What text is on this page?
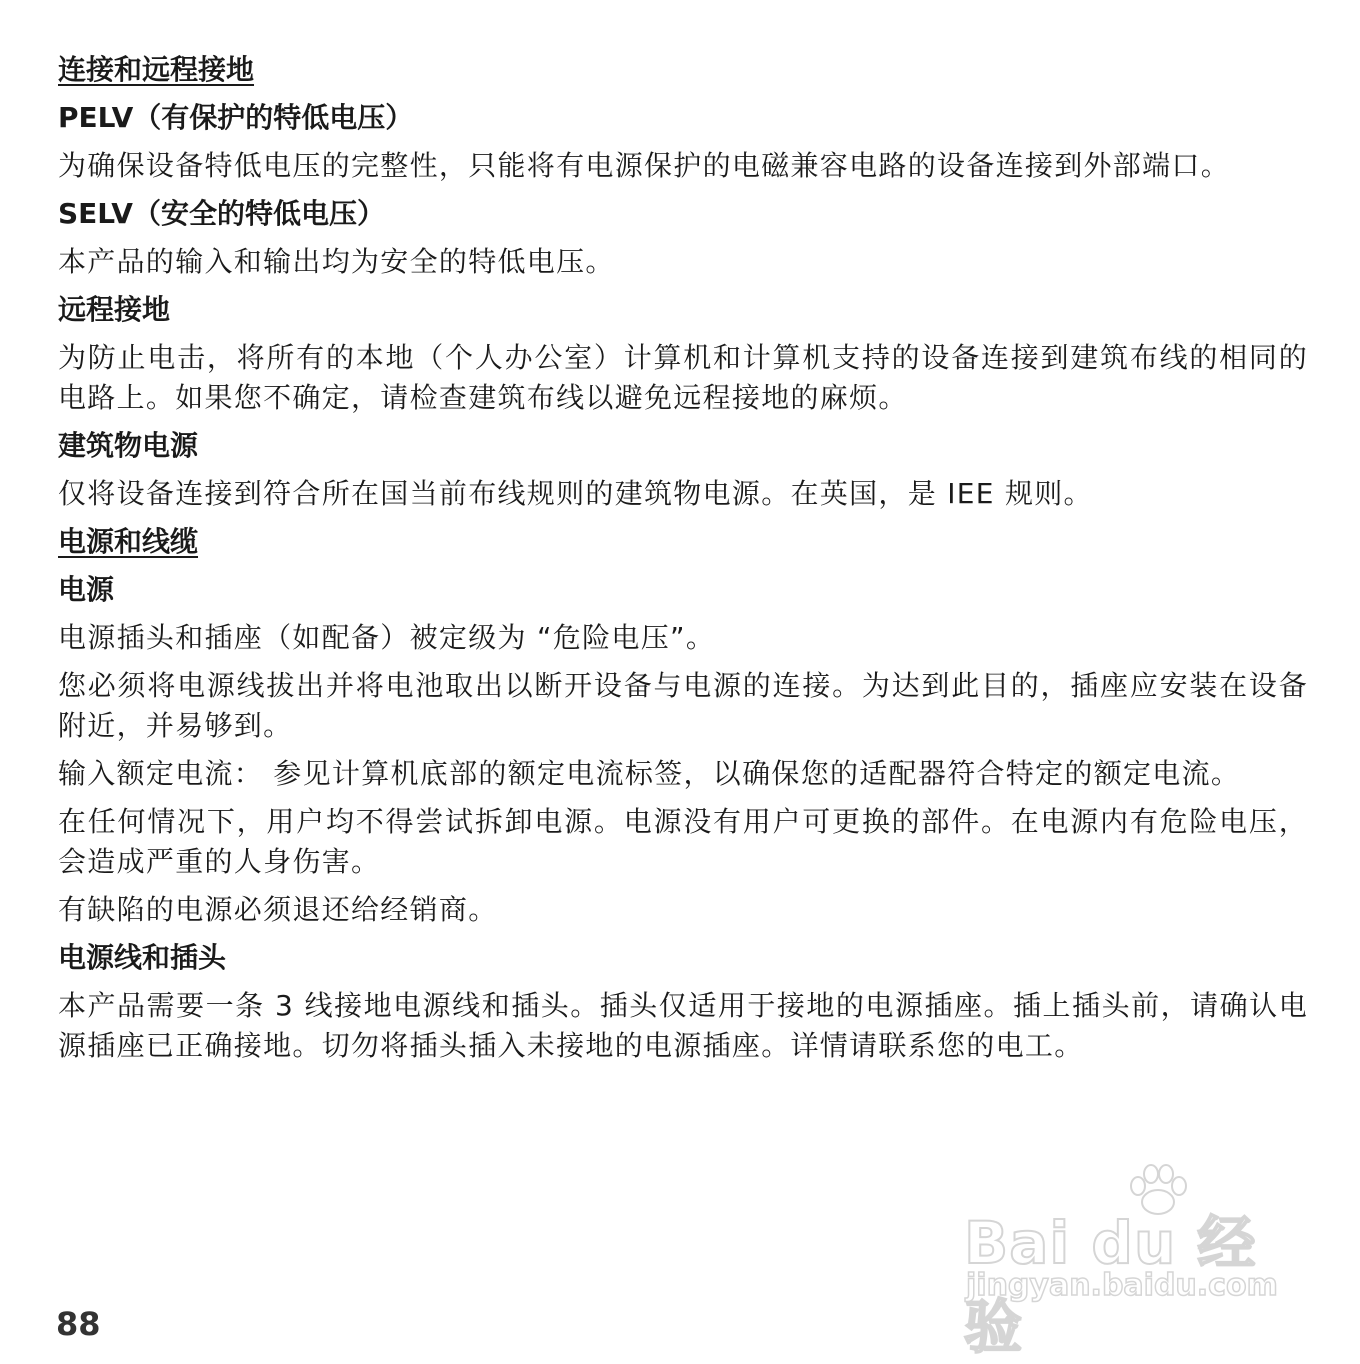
连接和远程接地
PELV（有保护的特低电压）

为确保设备特低电压的完整性，只能将有电源保护的电磁兼容电路的设备连接到外部端口。

SELV（安全的特低电压）

本产品的输入和输出均为安全的特低电压。

远程接地

为防止电击，将所有的本地（个人办公室）计算机和计算机支持的设备连接到建筑布线的相同的电路上。如果您不确定，请检查建筑布线以避免远程接地的麻烦。

建筑物电源

仅将设备连接到符合所在国当前布线规则的建筑物电源。在英国，是 IEE 规则。

电源和线缆
电源

电源插头和插座（如配备）被定级为 “危险电压”。

您必须将电源线拔出并将电池取出以断开设备与电源的连接。为达到此目的，插座应安装在设备附近，并易够到。

输入额定电流： 参见计算机底部的额定电流标签，以确保您的适配器符合特定的额定电流。

在任何情况下，用户均不得尝试拆卸电源。电源没有用户可更换的部件。在电源内有危险电压，会造成严重的人身伤害。

有缺陷的电源必须退还给经销商。

电源线和插头

本产品需要一条 3 线接地电源线和插头。插头仅适用于接地的电源插座。插上插头前，请确认电源插座已正确接地。切勿将插头插入未接地的电源插座。详情请联系您的电工。

Bai du 经验
jingyan.baidu.com
88
